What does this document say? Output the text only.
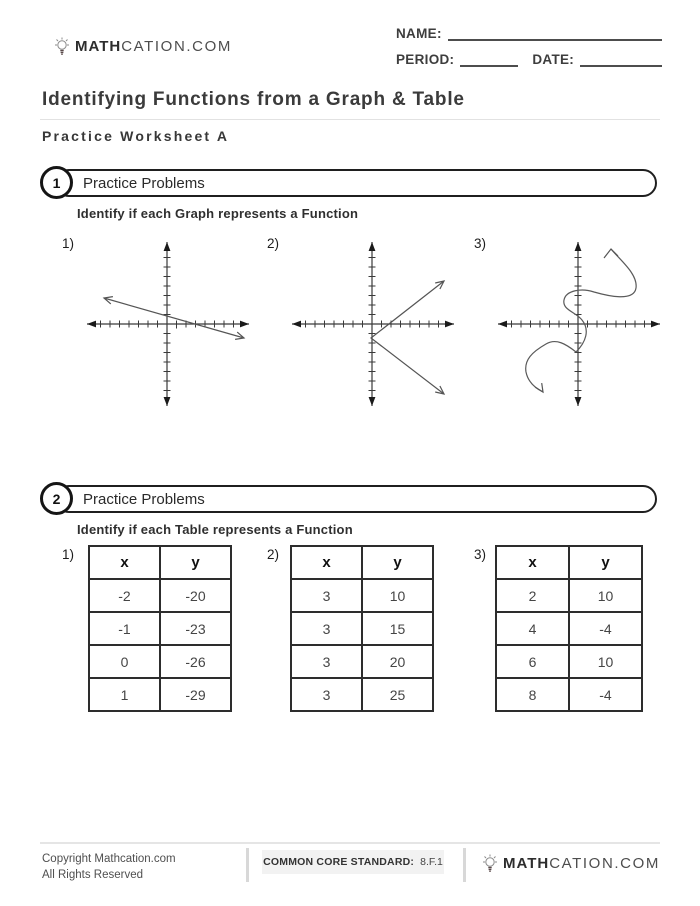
MATHCATION.COM
NAME:
PERIOD:	DATE:
Identifying Functions from a Graph & Table
Practice Worksheet A
1	Practice Problems
Identify if each Graph represents a Function
1)	2)	3)
2	Practice Problems
Identify if each Table represents a Function
1)	x	y
-2	-20
-1	-23
0	-26
1	-29
2)	x	y
3	10
3	15
3	20
3	25
3)	x	y
2	10
4	-4
6	10
8	-4
Copyright Mathcation.com
All Rights Reserved
COMMON CORE STANDARD: 8.F.1	MATHCATION.COM
